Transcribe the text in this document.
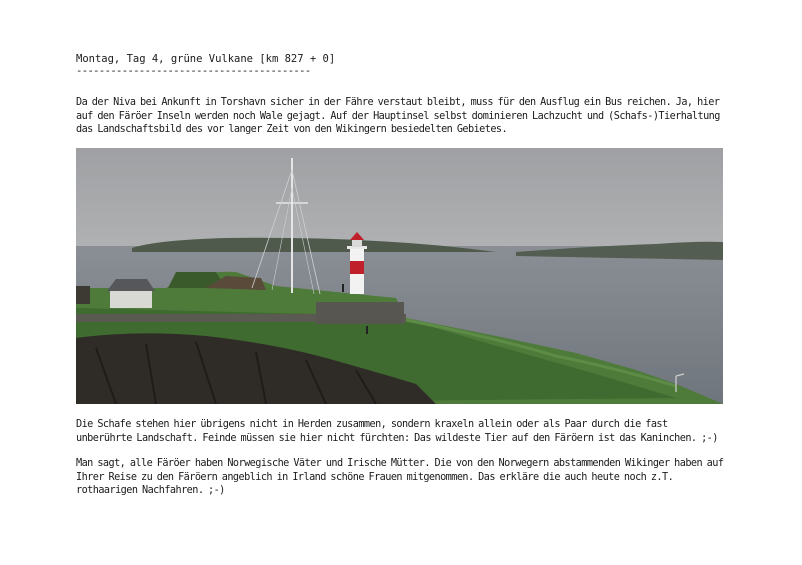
Montag, Tag 4, grüne Vulkane [km 827 + 0]

-----------------------------------------

Da der Niva bei Ankunft in Torshavn sicher in der Fähre verstaut bleibt, muss für den Ausflug ein Bus reichen. Ja, hier auf den Färöer Inseln werden noch Wale gejagt. Auf der Hauptinsel selbst dominieren Lachzucht und (Schafs-)Tierhaltung das Landschaftsbild des vor langer Zeit von den Wikingern besiedelten Gebietes.

Die Schafe stehen hier übrigens nicht in Herden zusammen, sondern kraxeln allein oder als Paar durch die fast unberührte Landschaft. Feinde müssen sie hier nicht fürchten: Das wildeste Tier auf den Färöern ist das Kaninchen. ;-)

Man sagt, alle Färöer haben Norwegische Väter und Irische Mütter. Die von den Norwegern abstammenden Wikinger haben auf Ihrer Reise zu den Färöern angeblich in Irland schöne Frauen mitgenommen. Das erkläre die auch heute noch z.T. rothaarigen Nachfahren. ;-)
